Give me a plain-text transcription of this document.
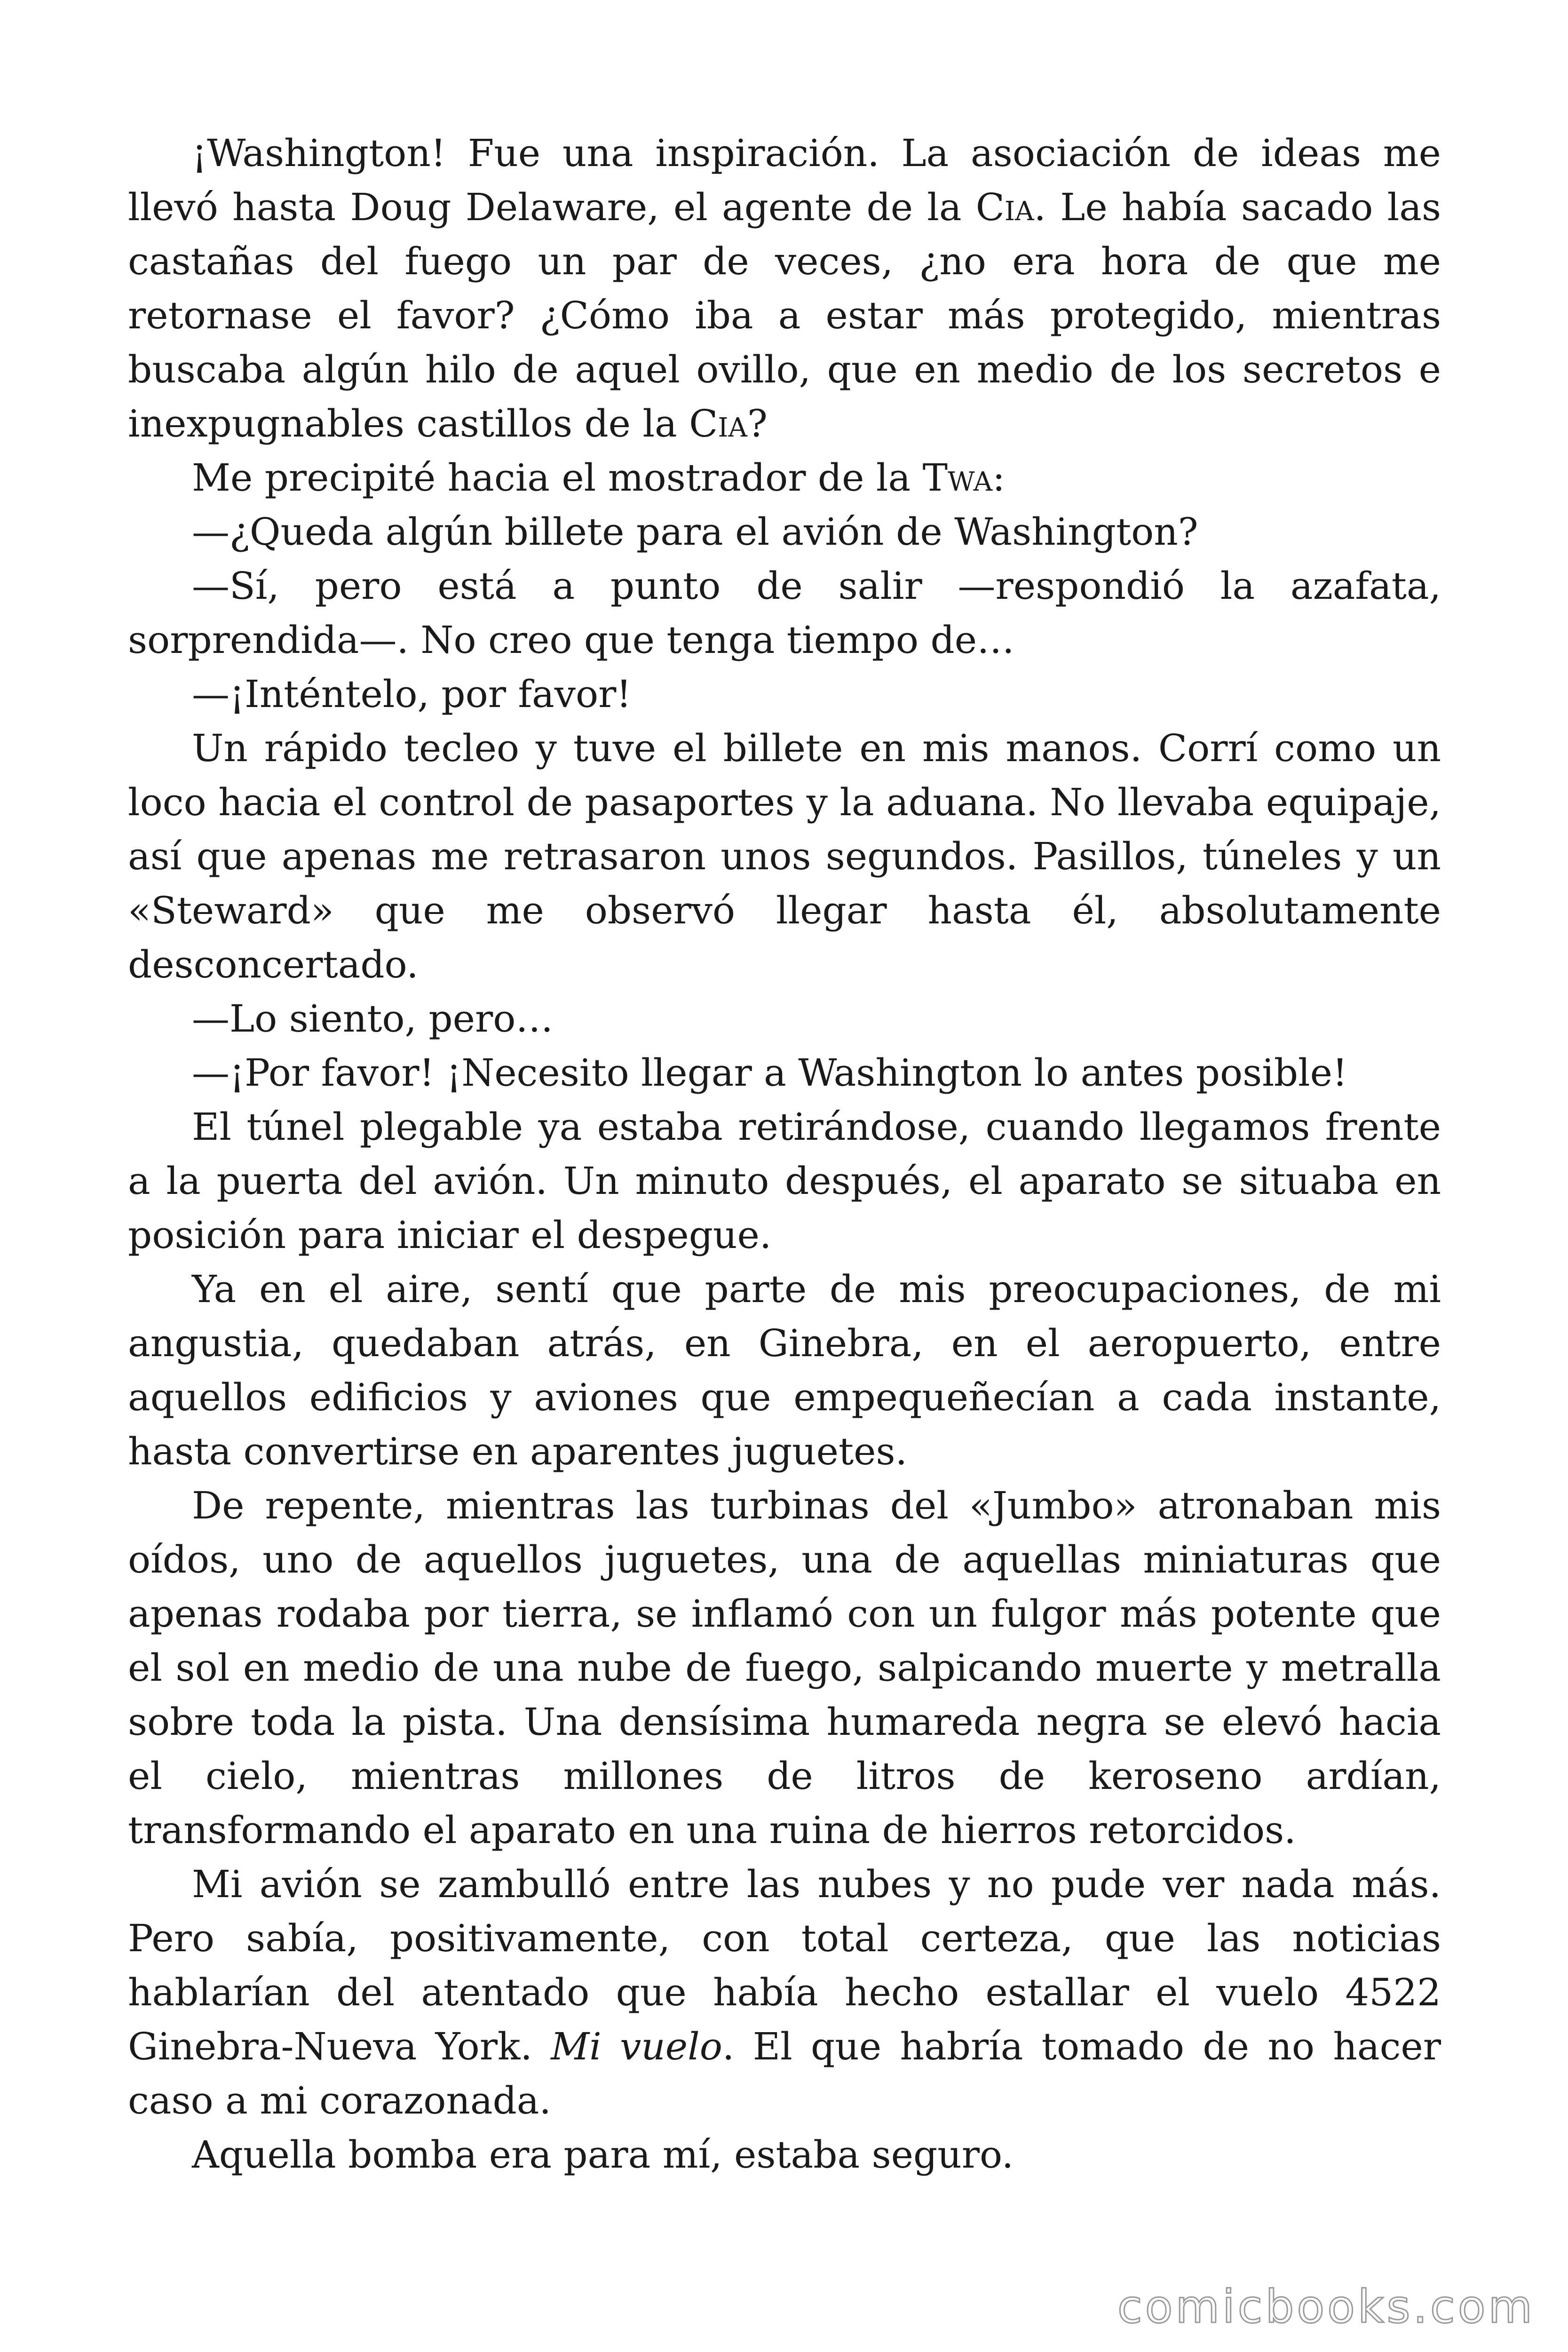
¡Washington! Fue una inspiración. La asociación de ideas me llevó hasta Doug Delaware, el agente de la Cia. Le había sacado las castañas del fuego un par de veces, ¿no era hora de que me retornase el favor? ¿Cómo iba a estar más protegido, mientras buscaba algún hilo de aquel ovillo, que en medio de los secretos e inexpugnables castillos de la Cia?

Me precipité hacia el mostrador de la Twa:

—¿Queda algún billete para el avión de Washington?

—Sí, pero está a punto de salir —respondió la azafata, sorprendida—. No creo que tenga tiempo de…

—¡Inténtelo, por favor!

Un rápido tecleo y tuve el billete en mis manos. Corrí como un loco hacia el control de pasaportes y la aduana. No llevaba equipaje, así que apenas me retrasaron unos segundos. Pasillos, túneles y un «Steward» que me observó llegar hasta él, absolutamente desconcertado.

—Lo siento, pero…

—¡Por favor! ¡Necesito llegar a Washington lo antes posible!

El túnel plegable ya estaba retirándose, cuando llegamos frente a la puerta del avión. Un minuto después, el aparato se situaba en posición para iniciar el despegue.

Ya en el aire, sentí que parte de mis preocupaciones, de mi angustia, quedaban atrás, en Ginebra, en el aeropuerto, entre aquellos edificios y aviones que empequeñecían a cada instante, hasta convertirse en aparentes juguetes.

De repente, mientras las turbinas del «Jumbo» atronaban mis oídos, uno de aquellos juguetes, una de aquellas miniaturas que apenas rodaba por tierra, se inflamó con un fulgor más potente que el sol en medio de una nube de fuego, salpicando muerte y metralla sobre toda la pista. Una densísima humareda negra se elevó hacia el cielo, mientras millones de litros de keroseno ardían, transformando el aparato en una ruina de hierros retorcidos.

Mi avión se zambulló entre las nubes y no pude ver nada más. Pero sabía, positivamente, con total certeza, que las noticias hablarían del atentado que había hecho estallar el vuelo 4522 Ginebra-Nueva York. Mi vuelo. El que habría tomado de no hacer caso a mi corazonada.

Aquella bomba era para mí, estaba seguro.

comicbooks.com
